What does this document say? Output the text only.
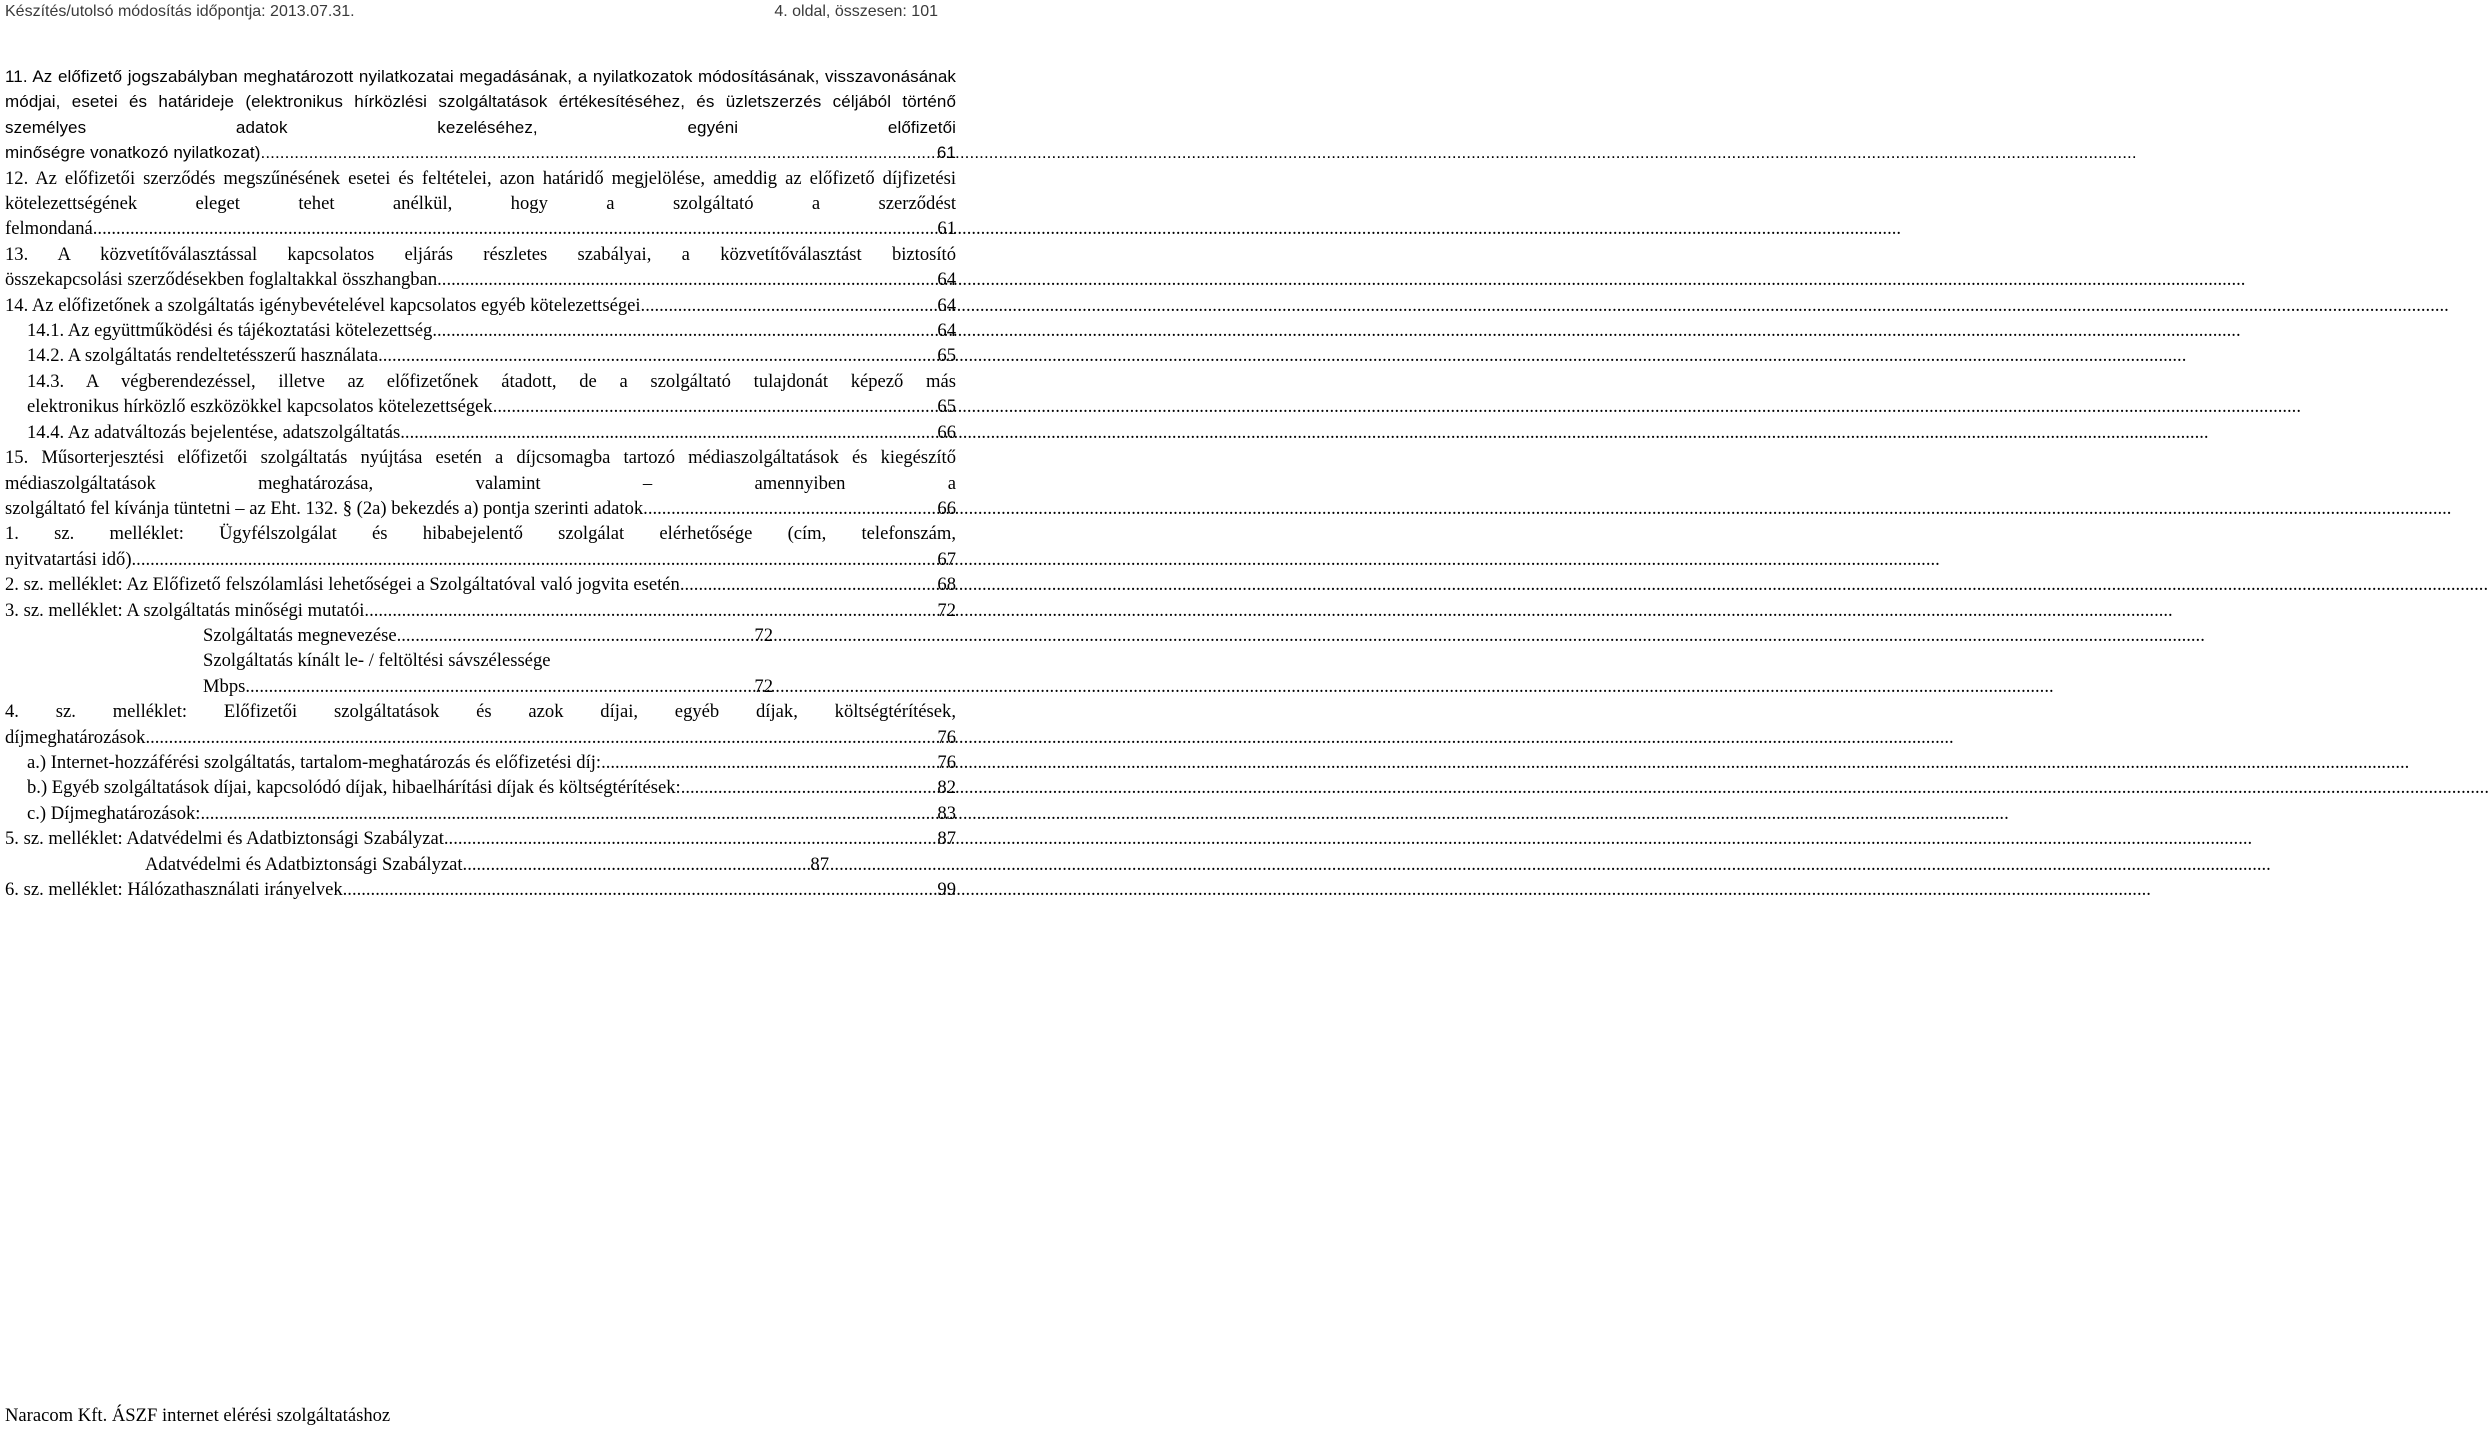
Készítés/utolsó módosítás időpontja: 2013.07.31.	4. oldal, összesen: 101
11. Az előfizető jogszabályban meghatározott nyilatkozatai megadásának, a nyilatkozatok módosításának, visszavonásának módjai, esetei és határideje (elektronikus hírközlési szolgáltatások értékesítéséhez, és üzletszerzés céljából történő személyes adatok kezeléséhez, egyéni előfizetői
minőségre vonatkozó nyilatkozat) .....	61
12. Az előfizetői szerződés megszűnésének esetei és feltételei, azon határidő megjelölése, ameddig az előfizető díjfizetési kötelezettségének eleget tehet anélkül, hogy a szolgáltató a szerződést
felmondaná .....	61
13. A közvetítőválasztással kapcsolatos eljárás részletes szabályai, a közvetítőválasztást biztosító
összekapcsolási szerződésekben foglaltakkal összhangban .....	64
14. Az előfizetőnek a szolgáltatás igénybevételével kapcsolatos egyéb kötelezettségei .....	64
14.1. Az együttműködési és tájékoztatási kötelezettség .....	64
14.2. A szolgáltatás rendeltetésszerű használata .....	65
14.3. A végberendezéssel, illetve az előfizetőnek átadott, de a szolgáltató tulajdonát képező más
elektronikus hírközlő eszközökkel kapcsolatos kötelezettségek .....	65
14.4. Az adatváltozás bejelentése, adatszolgáltatás .....	66
15. Műsorterjesztési előfizetői szolgáltatás nyújtása esetén a díjcsomagba tartozó médiaszolgáltatások és kiegészítő médiaszolgáltatások meghatározása, valamint – amennyiben a
szolgáltató fel kívánja tüntetni – az Eht. 132. § (2a) bekezdés a) pontja szerinti adatok .....	66
1. sz. melléklet: Ügyfélszolgálat és hibabejelentő szolgálat elérhetősége (cím, telefonszám,
nyitvatartási idő) .....	67
2. sz. melléklet: Az Előfizető felszólamlási lehetőségei a Szolgáltatóval való jogvita esetén .....	68
3. sz. melléklet: A szolgáltatás minőségi mutatói .....	72
Szolgáltatás megnevezése .....	72
Szolgáltatás kínált le- / feltöltési sávszélessége
Mbps .....	72
4. sz. melléklet: Előfizetői szolgáltatások és azok díjai, egyéb díjak, költségtérítések,
díjmeghatározások .....	76
a.) Internet-hozzáférési szolgáltatás, tartalom-meghatározás és előfizetési díj: .....	76
b.) Egyéb szolgáltatások díjai, kapcsolódó díjak, hibaelhárítási díjak és költségtérítések: .....	82
c.) Díjmeghatározások: .....	83
5. sz. melléklet: Adatvédelmi és Adatbiztonsági Szabályzat .....	87
Adatvédelmi és Adatbiztonsági Szabályzat .....	87
6. sz. melléklet: Hálózathasználati irányelvek .....	99
Naracom Kft. ÁSZF internet elérési szolgáltatáshoz
